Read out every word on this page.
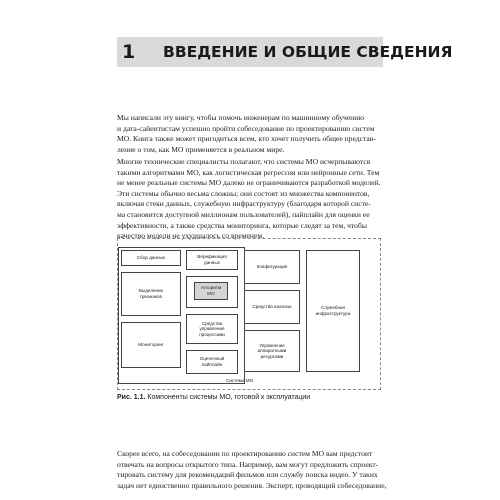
1 ВВЕДЕНИЕ И ОБЩИЕ СВЕДЕНИЯ
Мы написали эту книгу, чтобы помочь инженерам по машинному обучению
и дата-сайентистам успешно пройти собеседование по проектированию систем
МО. Книга также может пригодиться всем, кто хочет получить общее представ-
ление о том, как МО применяется в реальном мире.
Многие технические специалисты полагают, что системы МО исчерпываются
такими алгоритмами МО, как логистическая регрессия или нейронные сети. Тем
не менее реальные системы МО далеко не ограничиваются разработкой моделей.
Эти системы обычно весьма сложны; они состоят из множества компонентов,
включая стеки данных, служебную инфраструктуру (благодаря которой систе-
ма становится доступной миллионам пользователей), пайплайн для оценки ее
эффективности, а также средства мониторинга, которые следят за тем, чтобы
качество модели не ухудшалось со временем.
Сбор данных	Верификация
данных
Конфигурация
Выделение
признаков
Алгоритм
МО
Средства анализа	Служебная
инфраструктура
Средства
управления
процессами
Управление
аппаратными
ресурсами
Мониторинг
Оценочный
пайплайн
Система МО
Рис. 1.1. Компоненты системы МО, готовой к эксплуатации
Скорее всего, на собеседовании по проектированию систем МО вам предстоит
отвечать на вопросы открытого типа. Например, вам могут предложить спроект-
тировать систему для рекомендаций фильмов или службу поиска видео. У таких
задач нет единственно правильного решения. Эксперт, проводящий собеседование,
